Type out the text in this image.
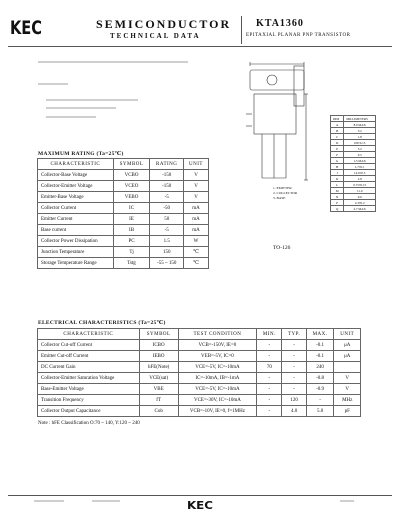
KEC	SEMICONDUCTOR
TECHNICAL DATA
KTA1360
EPITAXIAL PLANAR PNP TRANSISTOR
MAXIMUM RATING (Ta=25℃)
CHARACTERISTIC	SYMBOL	RATING	UNIT
Collector-Base Voltage	VCBO	-150	V
Collector-Emitter Voltage	VCEO	-150	V
Emitter-Base Voltage	VEBO	-5	V
Collector Current	IC	-50	mA
Emitter Current	IE	50	mA
Base current	IB	-5	mA
Collector Power Dissipation	PC	1.5	W
Junction Temperature	Tj	150	℃
Storage Temperature Range	Tstg	-55 ~ 150	℃
DIM	MILLIMETERS
A	8.0 MAX
B	3.2
C	1.8
D	0.8±0.15
E	3.2
F	0.5
G	1.5 MAX
H	1.7±0.1
J	14.0±0.5
K	2.8
L	0.75±0.15
M	11.0
N	0.6
P	2.3±0.2
Q	2.7 MAX
1. EMITTER
2. COLLECTOR
3. BASE
TO-126
ELECTRICAL CHARACTERISTICS (Ta=25℃)
CHARACTERISTIC	SYMBOL	TEST CONDITION	MIN.	TYP.	MAX.	UNIT
Collector Cut-off Current	ICBO	VCB=-150V, IE=0	-	-	-0.1	μA
Emitter Cut-off Current	IEBO	VEB=-5V, IC=0	-	-	-0.1	μA
DC Current Gain	hFE(Note)	VCE=-5V, IC=-10mA	70	-	240	
Collector-Emitter Saturation Voltage	VCE(sat)	IC=-10mA, IB=-1mA	-	-	-0.8	V
Base-Emitter Voltage	VBE	VCE=-5V, IC=-10mA	-	-	-0.9	V
Transition Frequency	fT	VCE=-30V, IC=-10mA	-	120	-	MHz
Collector Output Capacitance	Cob	VCB=-10V, IE=0, f=1MHz	-	4.0	5.0	pF
Note : hFE Classification O:70 ~ 140, Y:120 ~ 240
KEC
